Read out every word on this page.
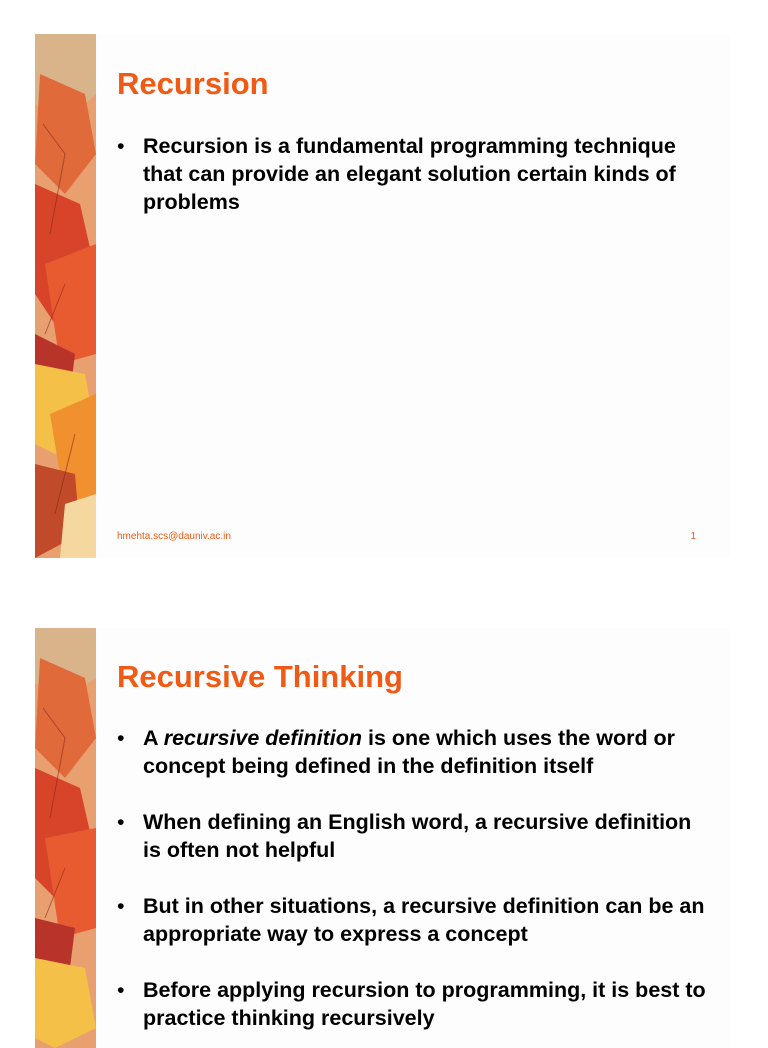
Recursion
• Recursion is a fundamental programming technique that can provide an elegant solution certain kinds of problems
hmehta.scs@dauniv.ac.in	1
Recursive Thinking
• A recursive definition is one which uses the word or concept being defined in the definition itself
• When defining an English word, a recursive definition is often not helpful
• But in other situations, a recursive definition can be an appropriate way to express a concept
• Before applying recursion to programming, it is best to practice thinking recursively
